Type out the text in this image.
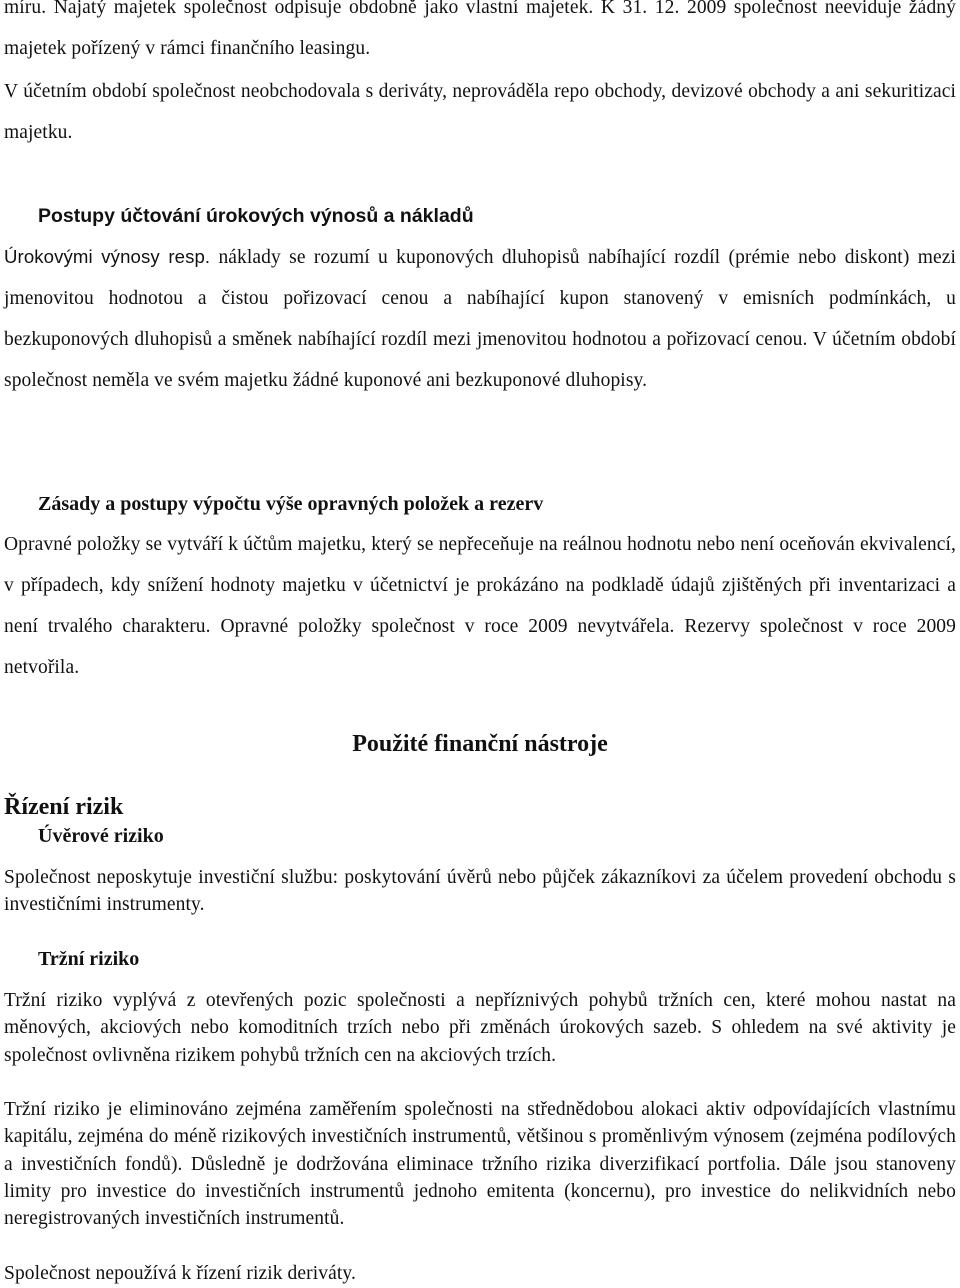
míru. Najatý majetek společnost odpisuje obdobně jako vlastní majetek. K 31. 12. 2009 společnost neeviduje žádný majetek pořízený v rámci finančního leasingu.

V účetním období společnost neobchodovala s deriváty, neprováděla repo obchody, devizové obchody a ani sekuritizaci majetku.

Postupy účtování úrokových výnosů a nákladů

Úrokovými výnosy resp. náklady se rozumí u kuponových dluhopisů nabíhající rozdíl (prémie nebo diskont) mezi jmenovitou hodnotou a čistou pořizovací cenou a nabíhající kupon stanovený v emisních podmínkách, u bezkuponových dluhopisů a směnek nabíhající rozdíl mezi jmenovitou hodnotou a pořizovací cenou. V účetním období společnost neměla ve svém majetku žádné kuponové ani bezkuponové dluhopisy.

Zásady a postupy výpočtu výše opravných položek a rezerv

Opravné položky se vytváří k účtům majetku, který se nepřeceňuje na reálnou hodnotu nebo není oceňován ekvivalencí, v případech, kdy snížení hodnoty majetku v účetnictví je prokázáno na podkladě údajů zjištěných při inventarizaci a není trvalého charakteru. Opravné položky společnost v roce 2009 nevytvářela. Rezervy společnost v roce 2009 netvořila.

Použité finanční nástroje
Řízení rizik
Úvěrové riziko

Společnost neposkytuje investiční službu: poskytování úvěrů nebo půjček zákazníkovi za účelem provedení obchodu s investičními instrumenty.

Tržní riziko

Tržní riziko vyplývá z otevřených pozic společnosti a nepříznivých pohybů tržních cen, které mohou nastat na měnových, akciových nebo komoditních trzích nebo při změnách úrokových sazeb. S ohledem na své aktivity je společnost ovlivněna rizikem pohybů tržních cen na akciových trzích.

Tržní riziko je eliminováno zejména zaměřením společnosti na střednědobou alokaci aktiv odpovídajících vlastnímu kapitálu, zejména do méně rizikových investičních instrumentů, většinou s proměnlivým výnosem (zejména podílových a investičních fondů). Důsledně je dodržována eliminace tržního rizika diverzifikací portfolia. Dále jsou stanoveny limity pro investice do investičních instrumentů jednoho emitenta (koncernu), pro investice do nelikvidních nebo neregistrovaných investičních instrumentů.

Společnost nepoužívá k řízení rizik deriváty.
